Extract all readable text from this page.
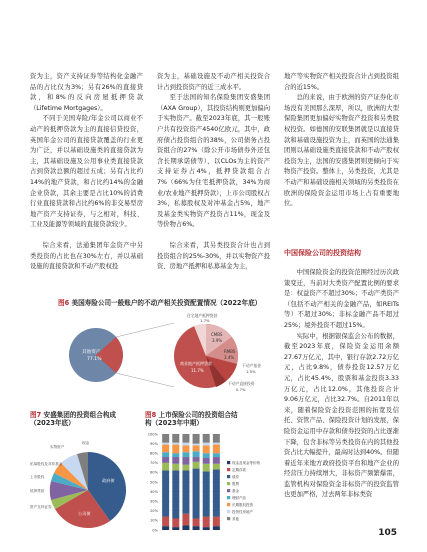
资为主，资产支持证券等结构化金融产品的占比仅为3%；另有26%的直接贷款，和8%的反向房屋抵押贷款（Lifetime Mortgages）。

不同于美国寿险/年金公司以商业不动产的抵押贷款为主的直接信贷投资，英国年金公司的直接贷款覆盖的行业更为广泛，并以基础设施类的直接贷款为主，其基础设施及公用事业类直接贷款占到贷款总额的超过五成；另有占比约14%的地产贷款，和占比约14%的金融企业贷款，其余主要是占比10%的消费行业直接贷款和占比约6%的非交易型房地产资产支持证券，与之相对，科技、工业及能源等领域的直接贷款较少。

综合来看，法通集团年金资产中另类投资的占比也在30%左右，并以基础设施的直接贷款和不动产股权投

资为主，基础设施及不动产相关投资合计占到投资资产的近三成水平。

至于法国的知名保险集团安盛集团（AXA Group），其投资结构则更加偏向于实物资产。截至2023年底，其一般账户共有投资资产4540亿欧元，其中，政府债占投资组合的38%，公司债务占投资组合的27%（除公开市场债券外还包含长期承诺债等），以CLOs为主的资产支持证券占4%，抵押贷款组合占7%（66%为住宅抵押贷款，34%为商业/农业地产抵押贷款），上市公司股权占3%，私募股权及对冲基金占5%，地产及基金类实物资产投资占11%，现金及等价物占6%。

综合来看，其另类投资合计也占到投资组合的25%-30%，并以实物资产投资、房地产抵押和私募基金为主，

地产等实物资产相关投资合计占到投资组合的近15%。

总的来说，由于欧洲的资产证券化市场没有美国那么深厚，所以，欧洲的大型保险集团更加偏好实物资产投资和另类股权投资。如德国的安联集团就是以直接贷款和基础设施投资为主，而英国的法通集团则以基础设施类直接贷款和不动产股权投资为主，法国的安盛集团则更倾向于实物资产投资。整体上，另类投资，尤其是不动产和基础设施相关领域的另类投资在欧洲的保险资金运用市场上占有重要地位。

中国保险公司的投资结构

中国保险资金的投资范围经过历次政策变迁，当前对大类资产配置比例的要求是：权益资产不超过30%；不动产类资产（包括不动产相关的金融产品，如REITs等）不超过30%；非标金融产品不超过25%；境外投资不超过15%。

实际中，根据银保监会公布的数据，截至2023年底，保险资金运用余额27.67万亿元，其中，银行存款2.72万亿元，占比9.8%，债券投资12.57万亿元，占比45.4%，股票和基金投资3.33万亿元，占比12.0%，其他投资合计9.06万亿元，占比32.7%。自2011年以来，随着保险资金投资范围的拓宽及信托、资管产品、保险投资计划的发展，保险资金运用中存款和债券投资的占比逐渐下降，包含非标等另类投资在内的其他投资占比大幅提升，最高时达到40%。但随着近年来地方政府投资平台和地产企业的经营压力持续增大，非标资产频繁爆雷，监管机构对保险资金非标资产的投资监管也更加严格，过去两年非标类资

图6 美国寿险公司一般账户的不动产相关投资配置情况（2022年底）
其他资产
77.1%
CMBS
3.9%
RMBS
3.4%
商业地产抵押贷款
11.7%
住宅地产抵押贷款
1.7%
不动产基金
1.5%
不动产直接投资
0.7%
图7 安盛集团的投资组合构成
（2023年底）
政府债
公司债
资产支持证券
抵押贷款
上市股权
私募股权及对冲基金
实物资产
现金
图8 上市保险公司的投资组合结
构（2023年中期）
100%
90%
80%
70%
60%
50%
40%
30%
20%
10%
0%
现金及现金等价物
定期存款
债券
股票
基金
理财产品
长期股权投资
投资性房地产
其他
105
